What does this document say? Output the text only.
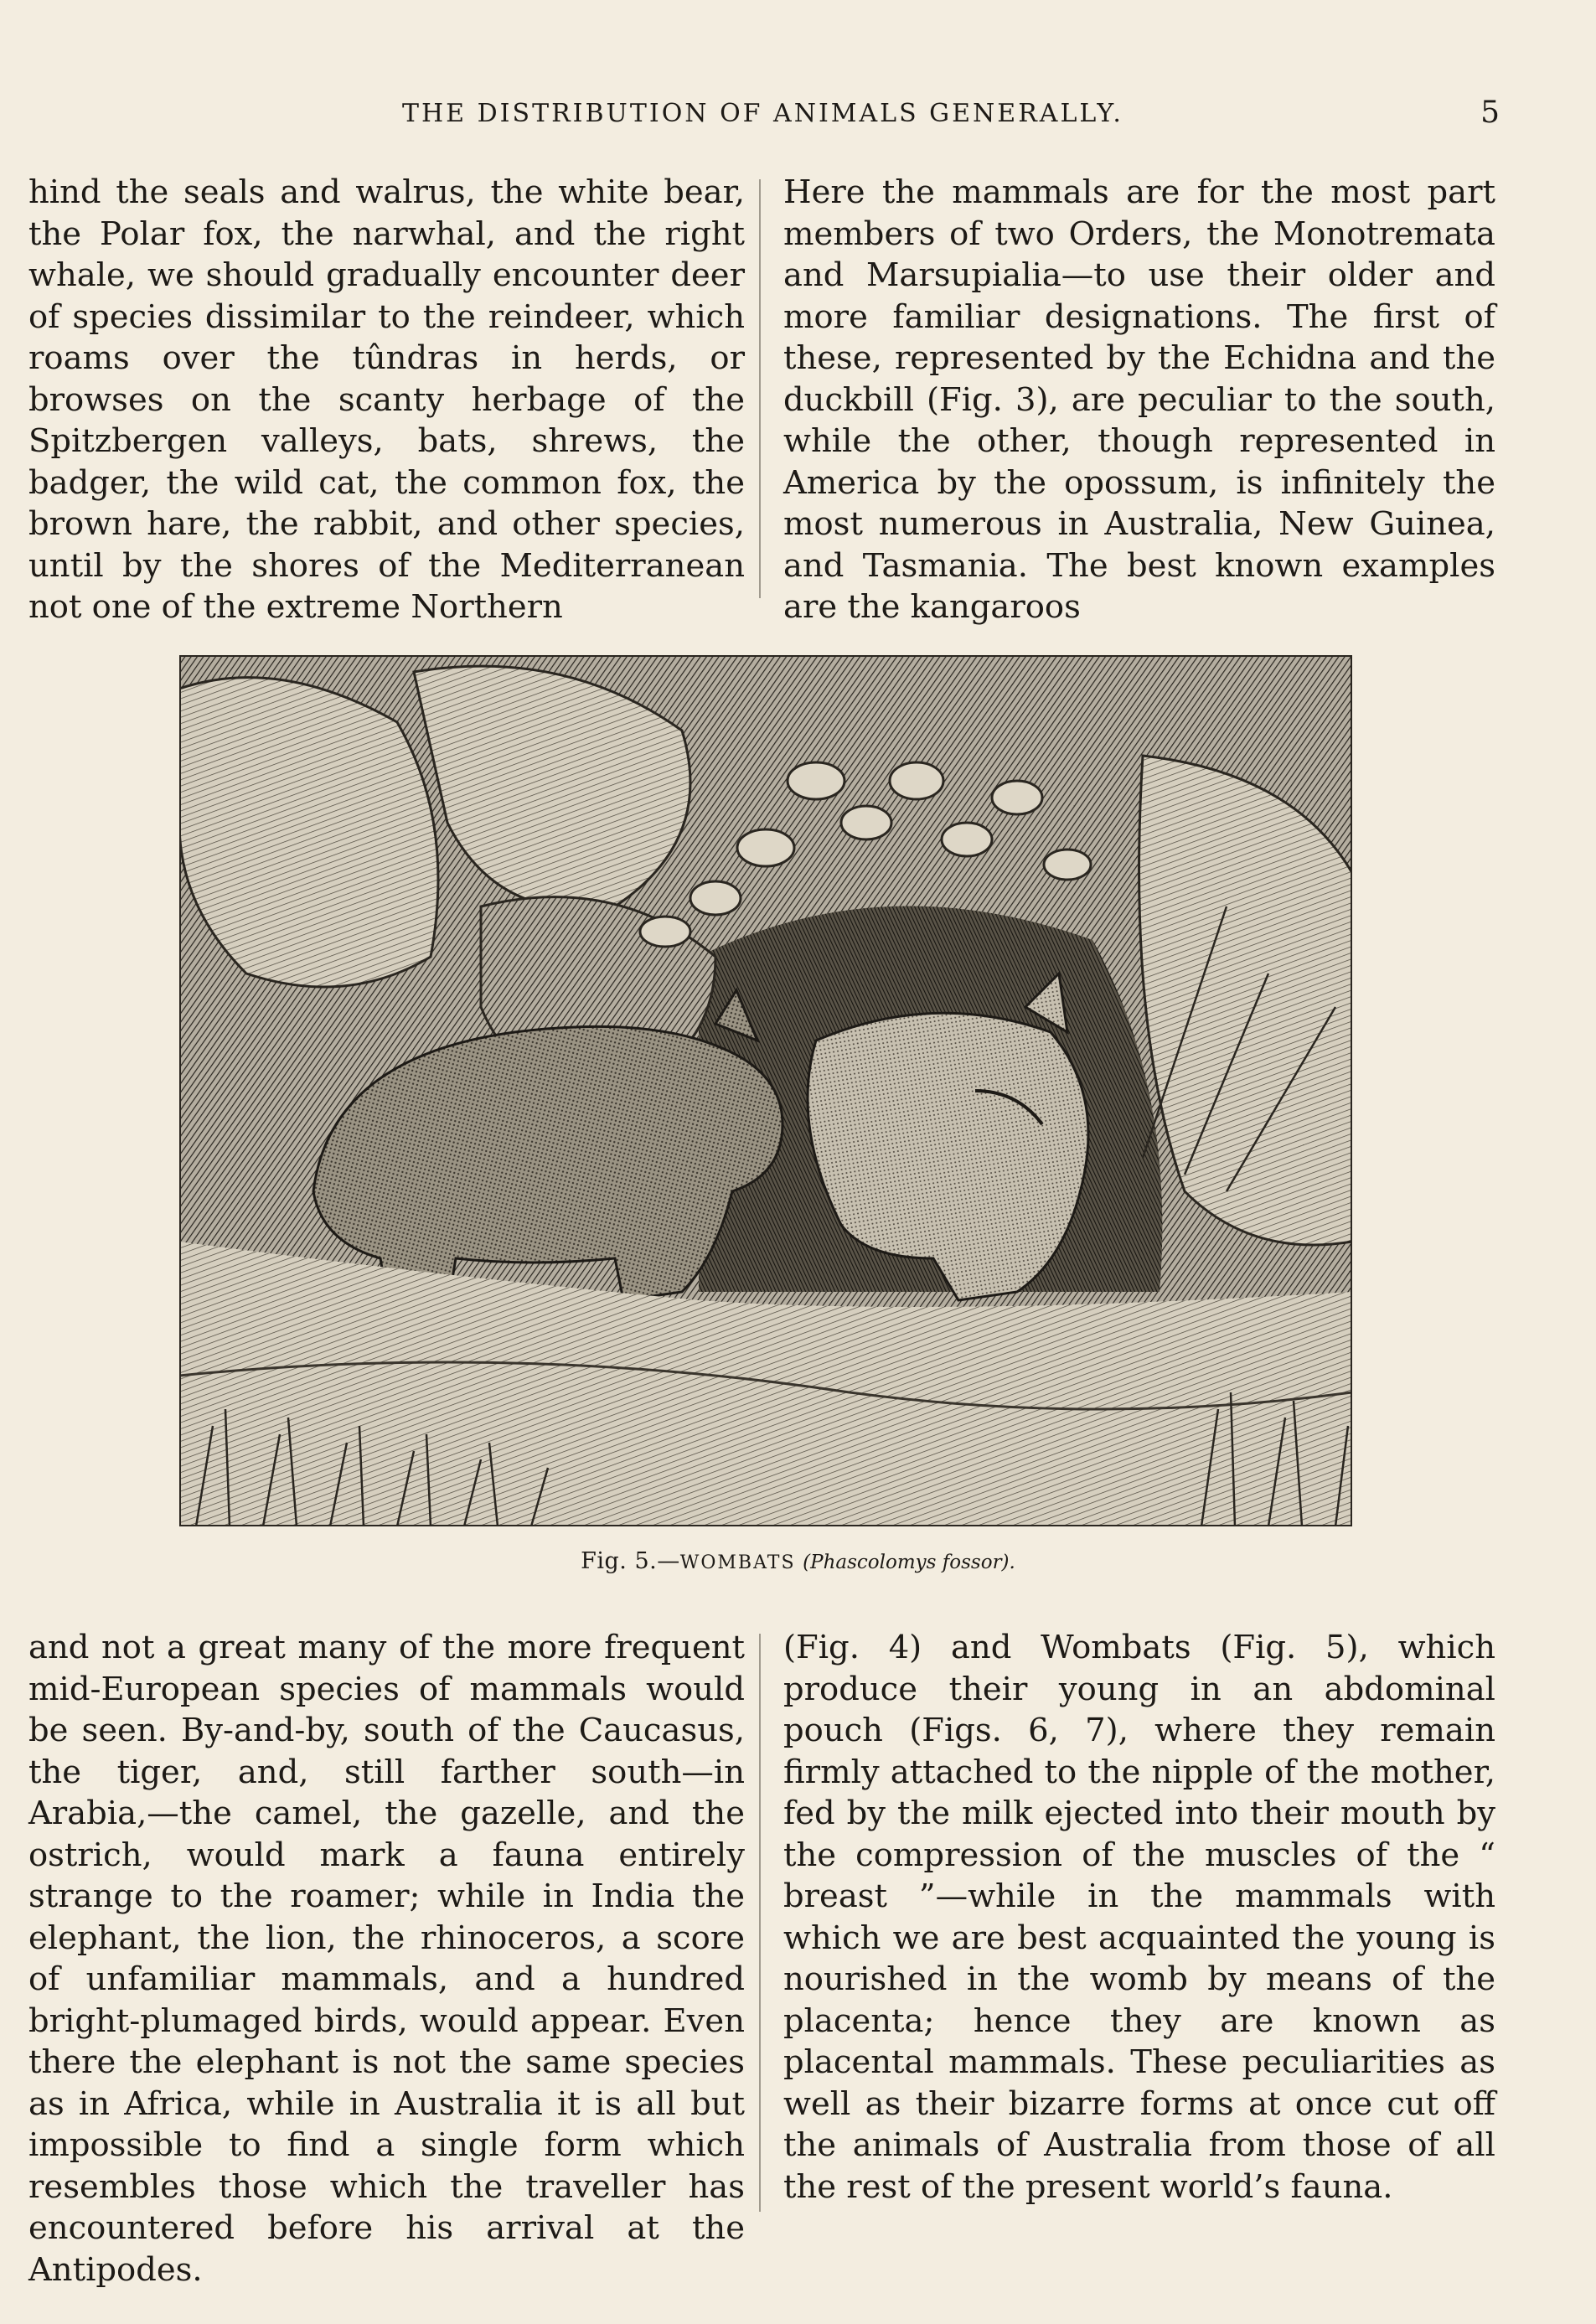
THE DISTRIBUTION OF ANIMALS GENERALLY.	5

hind the seals and walrus, the white bear, the Polar fox, the narwhal, and the right whale, we should gradually encounter deer of species dissimilar to the reindeer, which roams over the tûndras in herds, or browses on the scanty herbage of the Spitzbergen valleys, bats, shrews, the badger, the wild cat, the common fox, the brown hare, the rabbit, and other species, until by the shores of the Mediterranean not one of the extreme Northern

Here the mammals are for the most part members of two Orders, the Monotremata and Marsupialia—to use their older and more familiar designations. The first of these, represented by the Echidna and the duckbill (Fig. 3), are peculiar to the south, while the other, though represented in America by the opossum, is infinitely the most numerous in Australia, New Guinea, and Tasmania. The best known examples are the kangaroos

Fig. 5.—WOMBATS (Phascolomys fossor).

and not a great many of the more frequent mid-European species of mammals would be seen. By-and-by, south of the Caucasus, the tiger, and, still farther south—in Arabia,—the camel, the gazelle, and the ostrich, would mark a fauna entirely strange to the roamer; while in India the elephant, the lion, the rhinoceros, a score of unfamiliar mammals, and a hundred bright-plumaged birds, would appear. Even there the elephant is not the same species as in Africa, while in Australia it is all but impossible to find a single form which resembles those which the traveller has encountered before his arrival at the Antipodes.

(Fig. 4) and Wombats (Fig. 5), which produce their young in an abdominal pouch (Figs. 6, 7), where they remain firmly attached to the nipple of the mother, fed by the milk ejected into their mouth by the compression of the muscles of the “ breast ”—while in the mammals with which we are best acquainted the young is nourished in the womb by means of the placenta; hence they are known as placental mammals. These peculiarities as well as their bizarre forms at once cut off the animals of Australia from those of all the rest of the present world’s fauna.
